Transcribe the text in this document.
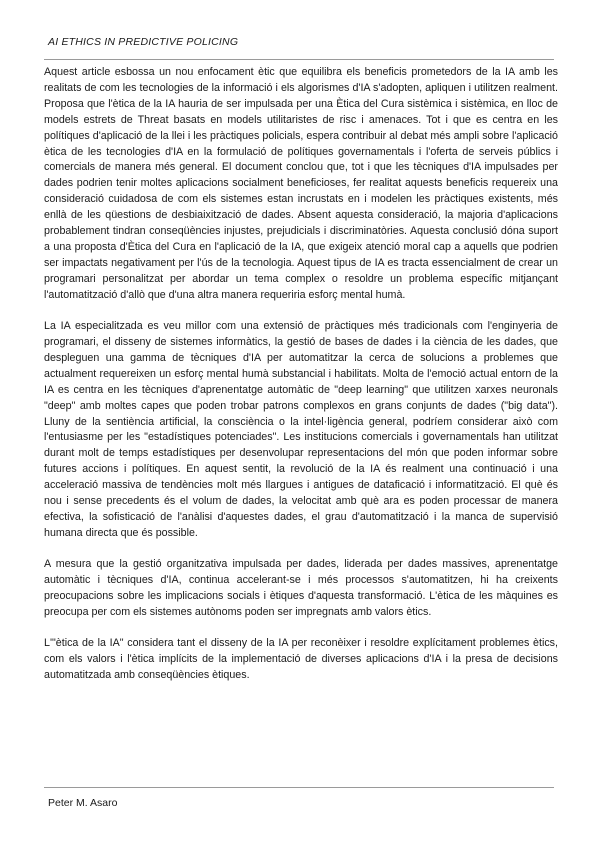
AI ETHICS IN PREDICTIVE POLICING

Aquest article esbossa un nou enfocament ètic que equilibra els beneficis prometedors de la IA amb les realitats de com les tecnologies de la informació i els algorismes d'IA s'adopten, apliquen i utilitzen realment. Proposa que l'ètica de la IA hauria de ser impulsada per una Ètica del Cura sistèmica i sistèmica, en lloc de models estrets de Threat basats en models utilitaristes de risc i amenaces. Tot i que es centra en les polítiques d'aplicació de la llei i les pràctiques policials, espera contribuir al debat més ampli sobre l'aplicació ètica de les tecnologies d'IA en la formulació de polítiques governamentals i l'oferta de serveis públics i comercials de manera més general. El document conclou que, tot i que les tècniques d'IA impulsades per dades podrien tenir moltes aplicacions socialment beneficioses, fer realitat aquests beneficis requereix una consideració cuidadosa de com els sistemes estan incrustats en i modelen les pràctiques existents, més enllà de les qüestions de desbiaixització de dades. Absent aquesta consideració, la majoria d'aplicacions probablement tindran conseqüències injustes, prejudicials i discriminatòries. Aquesta conclusió dóna suport a una proposta d'Ètica del Cura en l'aplicació de la IA, que exigeix atenció moral cap a aquells que podrien ser impactats negativament per l'ús de la tecnologia. Aquest tipus de IA es tracta essencialment de crear un programari personalitzat per abordar un tema complex o resoldre un problema específic mitjançant l'automatització d'allò que d'una altra manera requeriria esforç mental humà.

La IA especialitzada es veu millor com una extensió de pràctiques més tradicionals com l'enginyeria de programari, el disseny de sistemes informàtics, la gestió de bases de dades i la ciència de les dades, que despleguen una gamma de tècniques d'IA per automatitzar la cerca de solucions a problemes que actualment requereixen un esforç mental humà substancial i habilitats. Molta de l'emoció actual entorn de la IA es centra en les tècniques d'aprenentatge automàtic de "deep learning" que utilitzen xarxes neuronals "deep" amb moltes capes que poden trobar patrons complexos en grans conjunts de dades ("big data"). Lluny de la sentiència artificial, la consciència o la intel·ligència general, podríem considerar això com l'entusiasme per les "estadístiques potenciades". Les institucions comercials i governamentals han utilitzat durant molt de temps estadístiques per desenvolupar representacions del món que poden informar sobre futures accions i polítiques. En aquest sentit, la revolució de la IA és realment una continuació i una acceleració massiva de tendències molt més llargues i antigues de dataficació i informatització. El què és nou i sense precedents és el volum de dades, la velocitat amb què ara es poden processar de manera efectiva, la sofisticació de l'anàlisi d'aquestes dades, el grau d'automatització i la manca de supervisió humana directa que és possible.

A mesura que la gestió organitzativa impulsada per dades, liderada per dades massives, aprenentatge automàtic i tècniques d'IA, continua accelerant-se i més processos s'automatitzen, hi ha creixents preocupacions sobre les implicacions socials i ètiques d'aquesta transformació. L'ètica de les màquines es preocupa per com els sistemes autònoms poden ser impregnats amb valors ètics.

L'"ètica de la IA" considera tant el disseny de la IA per reconèixer i resoldre explícitament problemes ètics, com els valors i l'ètica implícits de la implementació de diverses aplicacions d'IA i la presa de decisions automatitzada amb conseqüències ètiques.

Peter M. Asaro
